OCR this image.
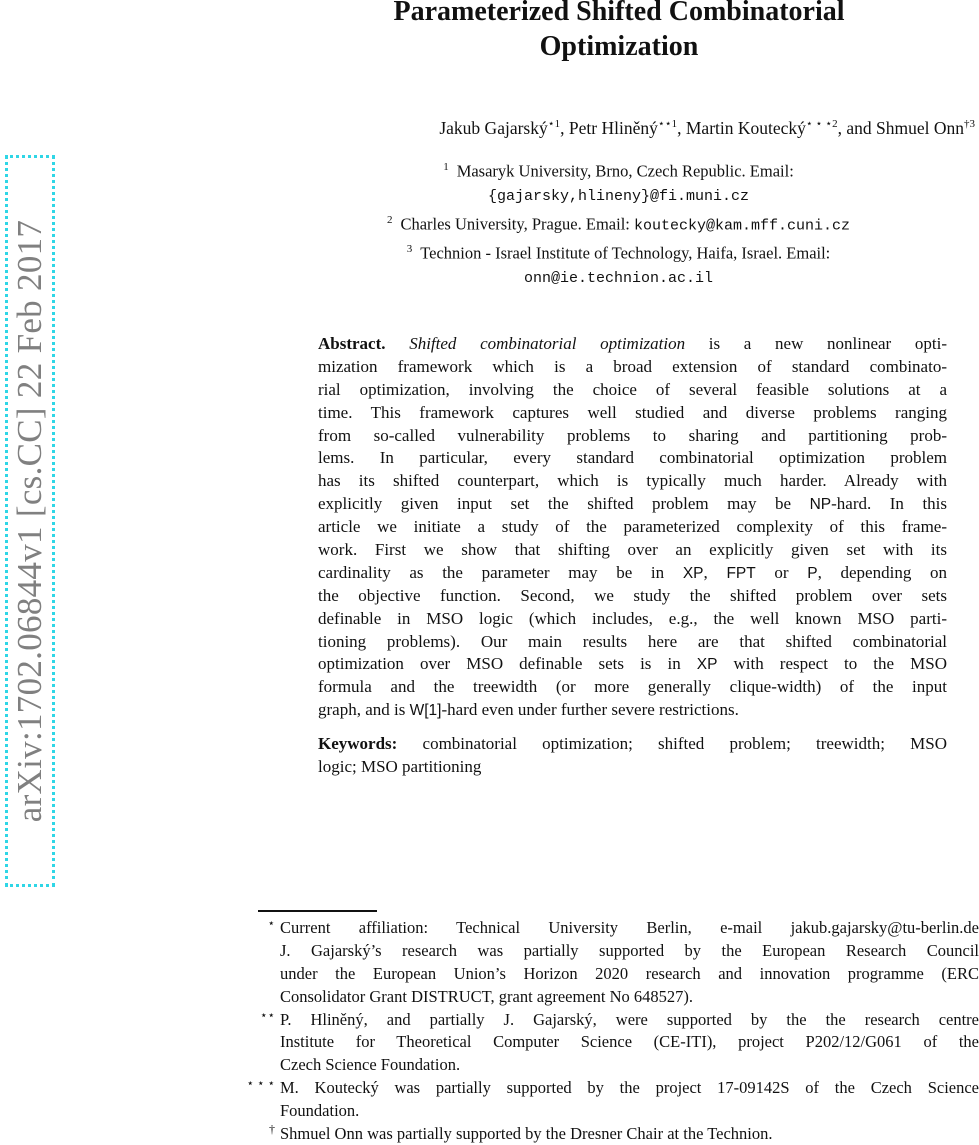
Parameterized Shifted Combinatorial
Optimization
Jakub Gajarský$^{⋆1}$, Petr Hliněný$^{⋆⋆1}$, Martin Koutecký$^{⋆ ⋆ ⋆2}$, and Shmuel Onn$^{\dagger 3}$
$^1$ Masaryk University, Brno, Czech Republic. Email:
{gajarsky,hlineny}@fi.muni.cz
$^2$ Charles University, Prague. Email: koutecky@kam.mff.cuni.cz
$^3$ Technion - Israel Institute of Technology, Haifa, Israel. Email:
onn@ie.technion.ac.il
Abstract. Shifted combinatorial optimization is a new nonlinear opti-
mization framework which is a broad extension of standard combinato-
rial optimization, involving the choice of several feasible solutions at a
time. This framework captures well studied and diverse problems ranging
from so-called vulnerability problems to sharing and partitioning prob-
lems. In particular, every standard combinatorial optimization problem
has its shifted counterpart, which is typically much harder. Already with
explicitly given input set the shifted problem may be NP-hard. In this
article we initiate a study of the parameterized complexity of this frame-
work. First we show that shifting over an explicitly given set with its
cardinality as the parameter may be in XP, FPT or P, depending on
the objective function. Second, we study the shifted problem over sets
definable in MSO logic (which includes, e.g., the well known MSO parti-
tioning problems). Our main results here are that shifted combinatorial
optimization over MSO definable sets is in XP with respect to the MSO
formula and the treewidth (or more generally clique-width) of the input
graph, and is W[1]-hard even under further severe restrictions.
Keywords: combinatorial optimization; shifted problem; treewidth; MSO
logic; MSO partitioning
arXiv:1702.06844v1 [cs.CC] 22 Feb 2017
⋆ Current affiliation: Technical University Berlin, e-mail jakub.gajarsky@tu-berlin.de
J. Gajarský’s research was partially supported by the European Research Council
under the European Union’s Horizon 2020 research and innovation programme (ERC
Consolidator Grant DISTRUCT, grant agreement No 648527).
⋆⋆ P. Hliněný, and partially J. Gajarský, were supported by the the research centre
Institute for Theoretical Computer Science (CE-ITI), project P202/12/G061 of the
Czech Science Foundation.
⋆ ⋆ ⋆ M. Koutecký was partially supported by the project 17-09142S of the Czech Science
Foundation.
† Shmuel Onn was partially supported by the Dresner Chair at the Technion.
